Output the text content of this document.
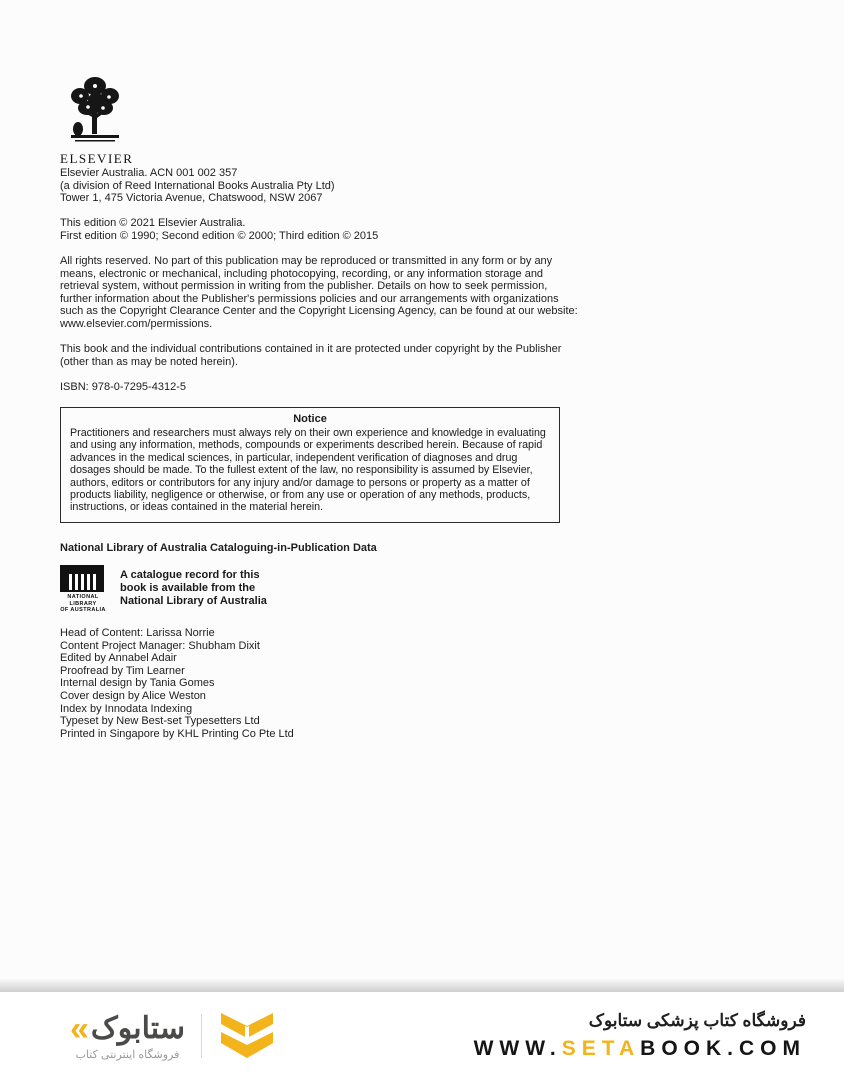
ELSEVIER
Elsevier Australia. ACN 001 002 357
(a division of Reed International Books Australia Pty Ltd)
Tower 1, 475 Victoria Avenue, Chatswood, NSW 2067
This edition © 2021 Elsevier Australia.
First edition © 1990; Second edition © 2000; Third edition © 2015
All rights reserved. No part of this publication may be reproduced or transmitted in any form or by any means, electronic or mechanical, including photocopying, recording, or any information storage and retrieval system, without permission in writing from the publisher. Details on how to seek permission, further information about the Publisher's permissions policies and our arrangements with organizations such as the Copyright Clearance Center and the Copyright Licensing Agency, can be found at our website: www.elsevier.com/permissions.
This book and the individual contributions contained in it are protected under copyright by the Publisher (other than as may be noted herein).
ISBN: 978-0-7295-4312-5
Notice
Practitioners and researchers must always rely on their own experience and knowledge in evaluating and using any information, methods, compounds or experiments described herein. Because of rapid advances in the medical sciences, in particular, independent verification of diagnoses and drug dosages should be made. To the fullest extent of the law, no responsibility is assumed by Elsevier, authors, editors or contributors for any injury and/or damage to persons or property as a matter of products liability, negligence or otherwise, or from any use or operation of any methods, products, instructions, or ideas contained in the material herein.
National Library of Australia Cataloguing-in-Publication Data
NATIONAL
LIBRARY
OF AUSTRALIA
A catalogue record for this
book is available from the
National Library of Australia
Head of Content: Larissa Norrie
Content Project Manager: Shubham Dixit
Edited by Annabel Adair
Proofread by Tim Learner
Internal design by Tania Gomes
Cover design by Alice Weston
Index by Innodata Indexing
Typeset by New Best-set Typesetters Ltd
Printed in Singapore by KHL Printing Co Pte Ltd
« ستابوک
فروشگاه اینترنتی کتاب
فروشگاه کتاب پزشکی ستابوک
WWW.SETABOOK.COM
